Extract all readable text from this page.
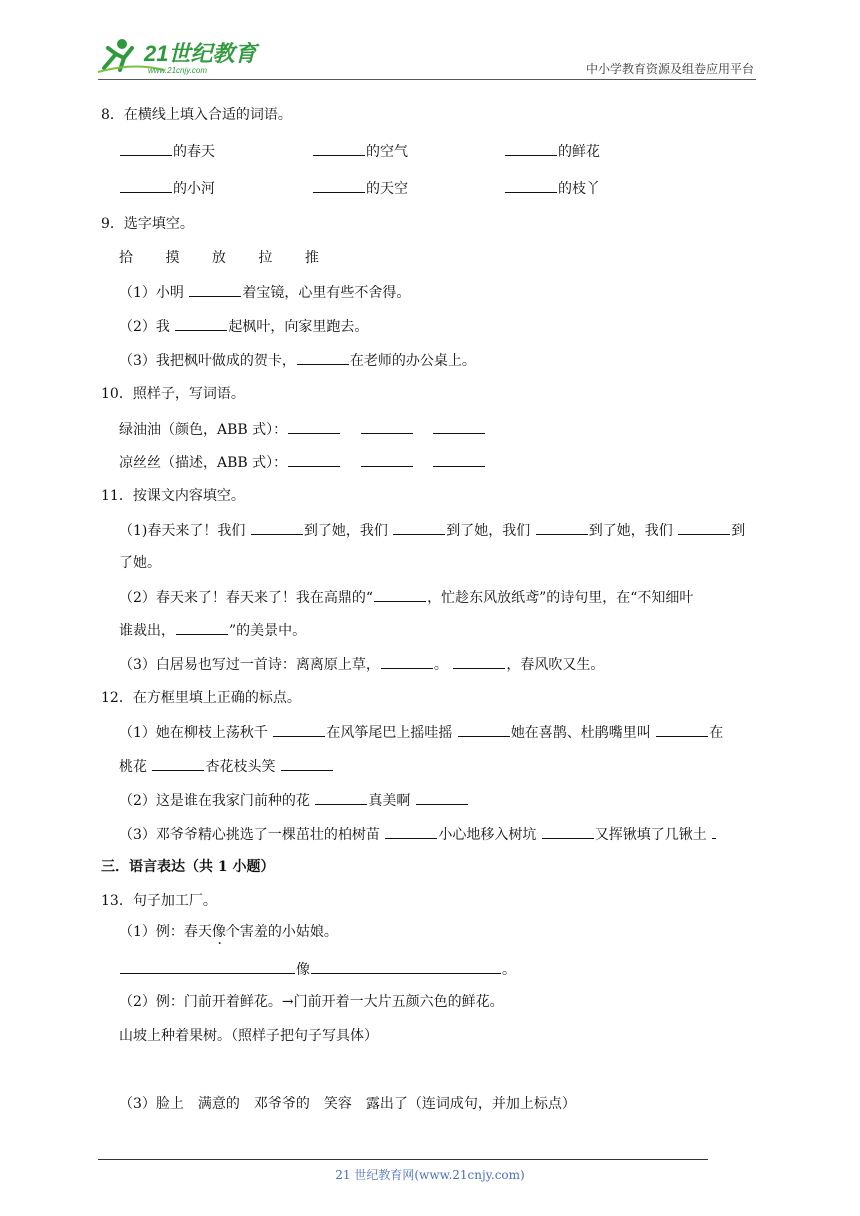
21世纪教育
www.21cnjy.com	中小学教育资源及组卷应用平台
8．在横线上填入合适的词语。
的春天	的空气	的鲜花
的小河	的天空	的枝丫
9．选字填空。
拾 摸 放 拉 推
（1）小明	着宝镜，心里有些不舍得。
（2）我	起枫叶，向家里跑去。
（3）我把枫叶做成的贺卡，	在老师的办公桌上。
10．照样子，写词语。
绿油油（颜色，ABB 式）：　 　
凉丝丝（描述，ABB 式）：　 　
11．按课文内容填空。
（1)春天来了！我们	到了她，我们	到了她，我们	到了她，我们	到
了她。
（2）春天来了！春天来了！我在高鼎的“	，忙趁东风放纸鸢”的诗句里，在“不知细叶
谁裁出，	”的美景中。
（3）白居易也写过一首诗：离离原上草，	。	，春风吹又生。
12．在方框里填上正确的标点。
（1）她在柳枝上荡秋千	在风筝尾巴上摇哇摇	她在喜鹊、杜鹃嘴里叫	在
桃花	杏花枝头笑
（2）这是谁在我家门前种的花	真美啊
（3）邓爷爷精心挑选了一棵茁壮的柏树苗	小心地移入树坑	又挥锹填了几锹土
三．语言表达（共 1 小题）
13．句子加工厂。
（1）例：春天像个害羞的小姑娘。
像	。
（2）例：门前开着鲜花。→门前开着一大片五颜六色的鲜花。
山坡上种着果树。（照样子把句子写具体）
（3）脸上　满意的　邓爷爷的　笑容　露出了（连词成句，并加上标点）
21 世纪教育网(www.21cnjy.com)
